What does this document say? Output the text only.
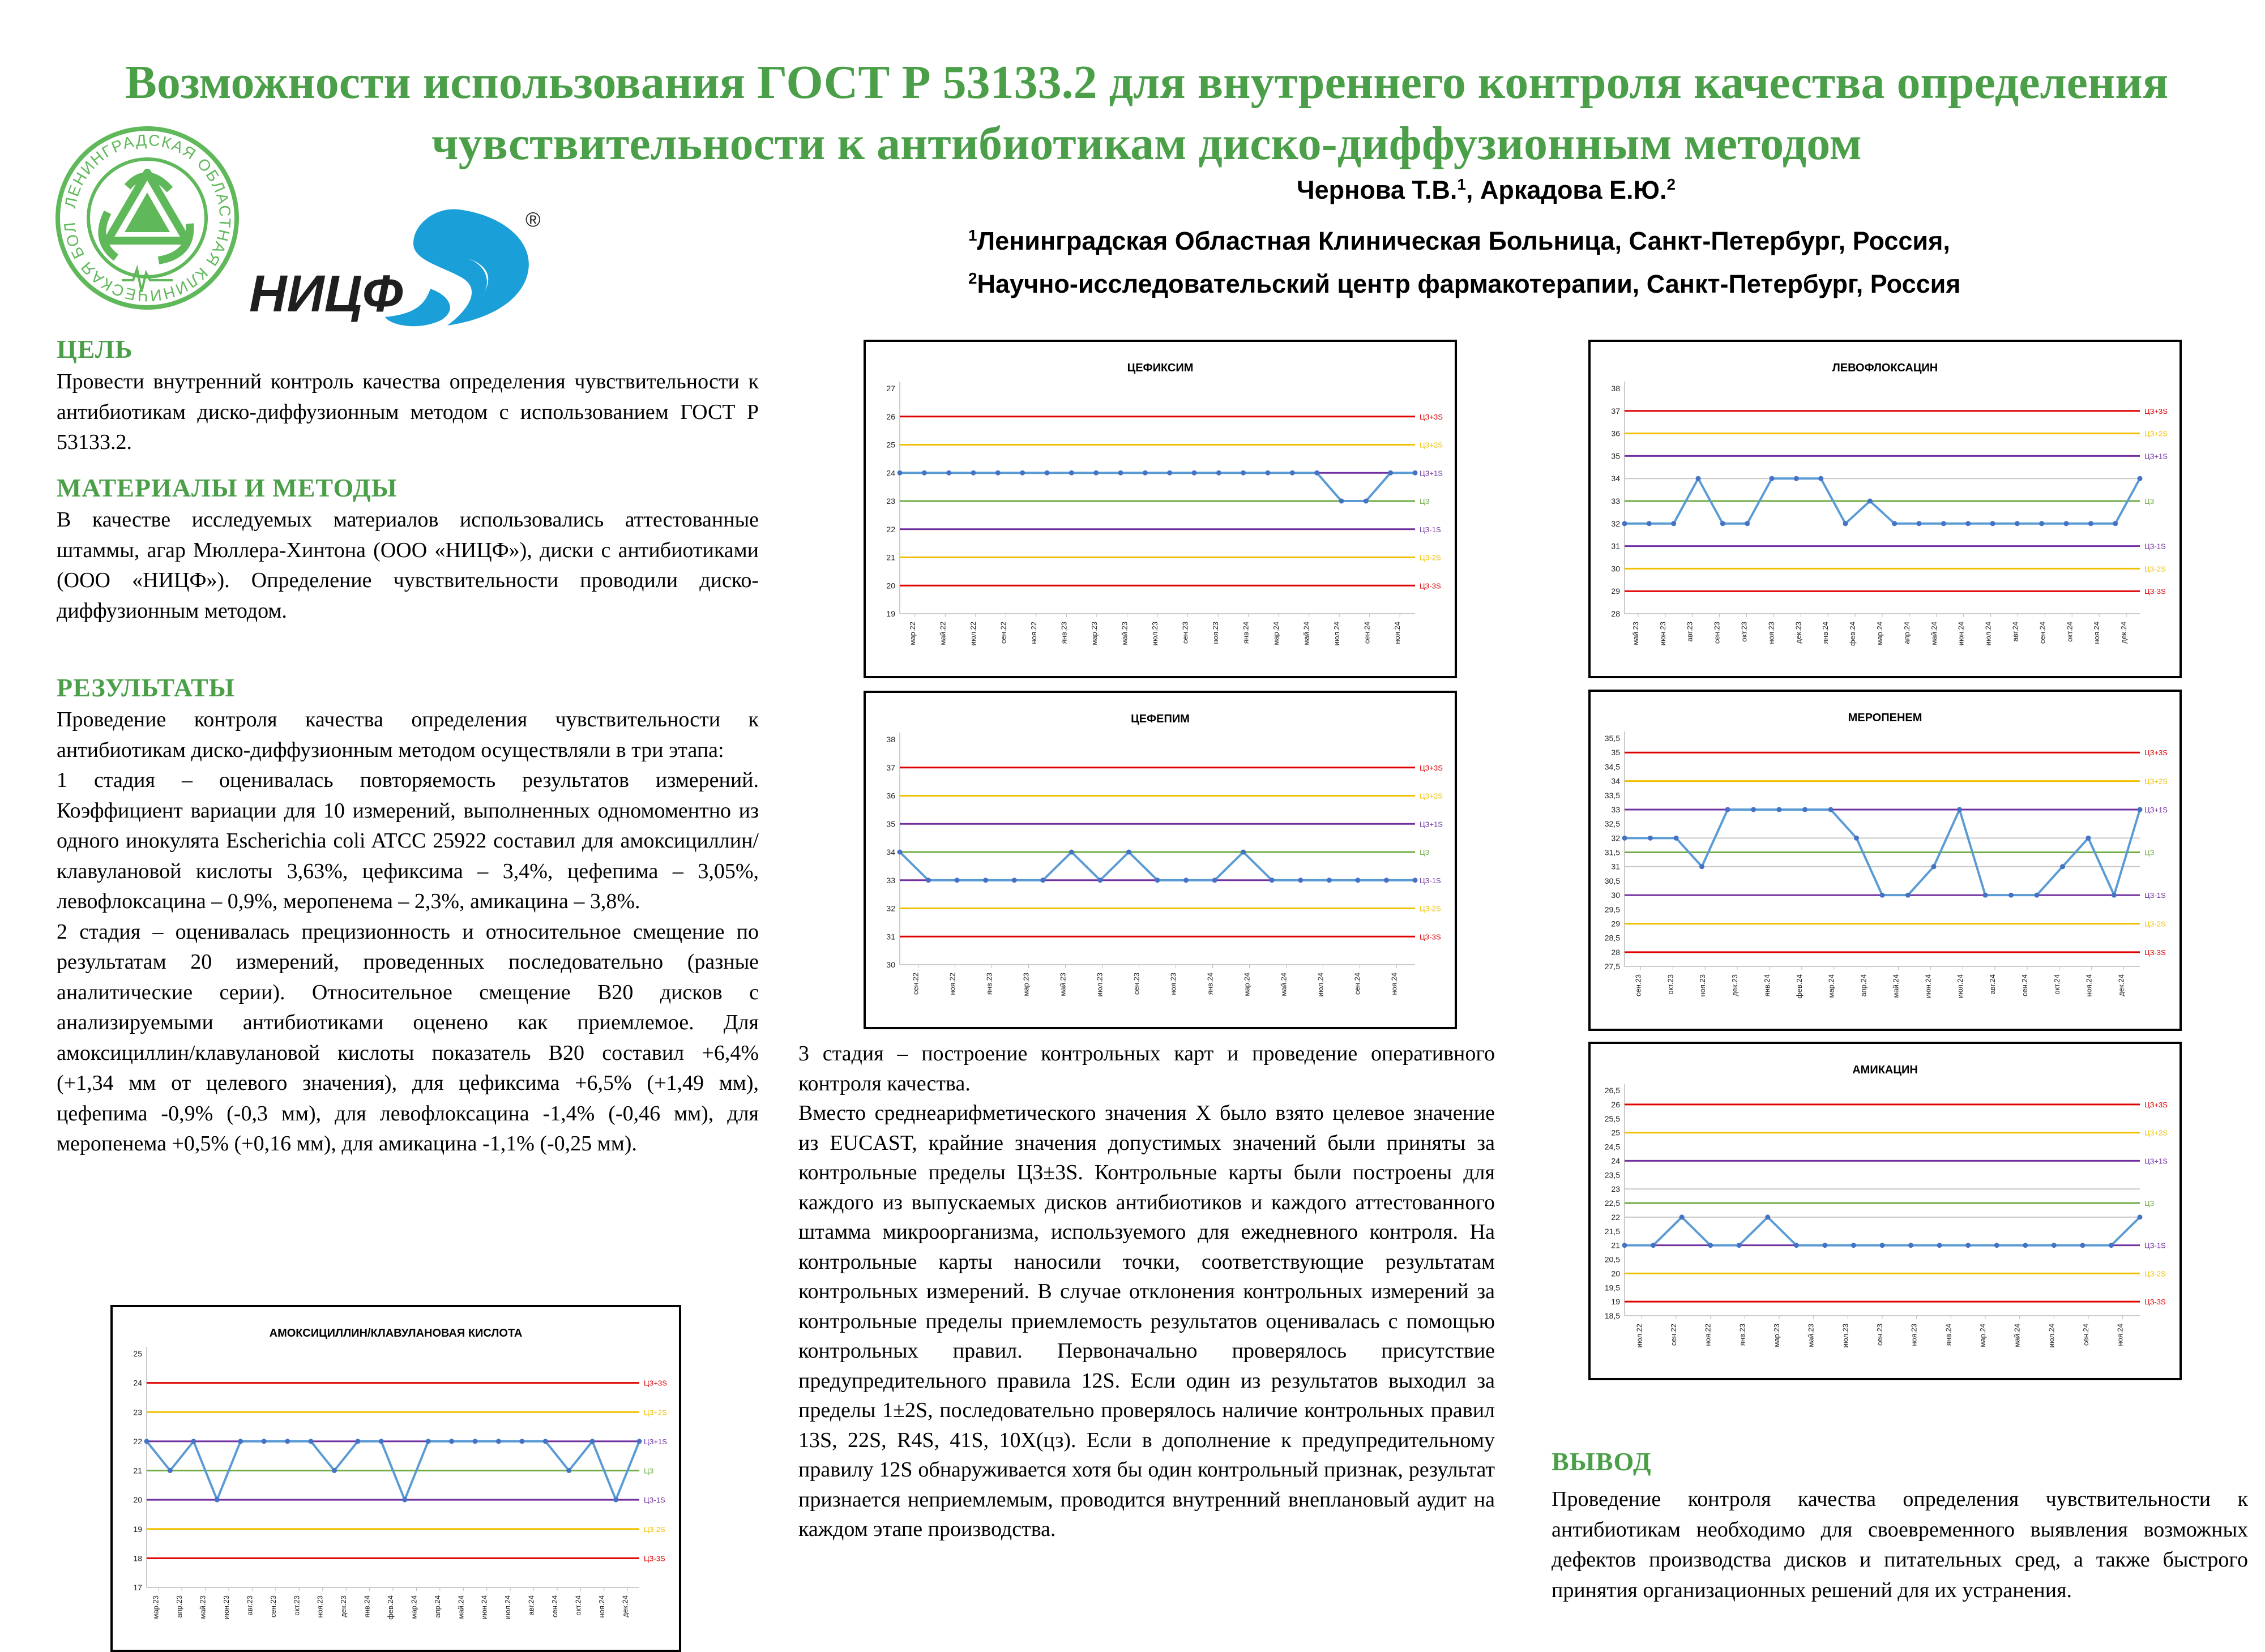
Возможности использования ГОСТ Р 53133.2 для внутреннего контроля качества определения
чувствительности к антибиотикам диско-диффузионным методом
Чернова Т.В.$^1$, Аркадова Е.Ю.$^2$
$^1$Ленинградская Областная Клиническая Больница, Санкт-Петербург, Россия,
$^2$Научно-исследовательский центр фармакотерапии, Санкт-Петербург, Россия
ЛЕНИНГРАДСКАЯ ОБЛАСТНАЯ КЛИНИЧЕСКАЯ БОЛ
НИЦФ
®
ЦЕЛЬ
Провести внутренний контроль качества определения чувствительности к антибиотикам диско-диффузионным методом с использованием ГОСТ Р 53133.2.
МАТЕРИАЛЫ И МЕТОДЫ
В качестве исследуемых материалов использовались аттестованные штаммы, агар Мюллера-Хинтона (ООО «НИЦФ»), диски с антибиотиками (ООО «НИЦФ»). Определение чувствительности проводили диско-диффузионным методом.
РЕЗУЛЬТАТЫ

Проведение контроля качества определения чувствительности к антибиотикам диско-диффузионным методом осуществляли в три этапа:

1 стадия – оценивалась повторяемость результатов измерений. Коэффициент вариации для 10 измерений, выполненных одномоментно из одного инокулята Escherichia coli ATCC 25922 составил для амоксициллин/клавулановой кислоты 3,63%, цефиксима – 3,4%, цефепима – 3,05%, левофлоксацина – 0,9%, меропенема – 2,3%, амикацина – 3,8%.

2 стадия – оценивалась прецизионность и относительное смещение по результатам 20 измерений, проведенных последовательно (разные аналитические серии). Относительное смещение B20 дисков с анализируемыми антибиотиками оценено как приемлемое. Для амоксициллин/клавулановой кислоты показатель B20 составил +6,4% (+1,34 мм от целевого значения), для цефиксима +6,5% (+1,49 мм), цефепима -0,9% (-0,3 мм), для левофлоксацина -1,4% (-0,46 мм), для меропенема +0,5% (+0,16 мм), для амикацина -1,1% (-0,25 мм).

3 стадия – построение контрольных карт и проведение оперативного контроля качества.

Вместо среднеарифметического значения X было взято целевое значение из EUCAST, крайние значения допустимых значений были приняты за контрольные пределы ЦЗ±3S. Контрольные карты были построены для каждого из выпускаемых дисков антибиотиков и каждого аттестованного штамма микроорганизма, используемого для ежедневного контроля. На контрольные карты наносили точки, соответствующие результатам контрольных измерений. В случае отклонения контрольных измерений за контрольные пределы приемлемость результатов оценивалась с помощью контрольных правил. Первоначально проверялось присутствие предупредительного правила 12S. Если один из результатов выходил за пределы 1±2S, последовательно проверялось наличие контрольных правил 13S, 22S, R4S, 41S, 10X(цз). Если в дополнение к предупредительному правилу 12S обнаруживается хотя бы один контрольный признак, результат признается неприемлемым, проводится внутренний внеплановый аудит на каждом этапе производства.

ВЫВОД
Проведение контроля качества определения чувствительности к антибиотикам необходимо для своевременного выявления возможных дефектов производства дисков и питательных сред, а также быстрого принятия организационных решений для их устранения.
ЦЕФИКСИМ
19
20
21
22
23
24
25
26
27
ЦЗ+3S
ЦЗ+2S
ЦЗ+1S
ЦЗ
ЦЗ-1S
ЦЗ-2S
ЦЗ-3S
мар.22	май.22	июл.22	сен.22	ноя.22	янв.23	мар.23	май.23	июл.23	сен.23	ноя.23	янв.24	мар.24	май.24	июл.24	сен.24	ноя.24
ЛЕВОФЛОКСАЦИН
28
29
30
31
32
33
34
35
36
37
38
ЦЗ+3S
ЦЗ+2S
ЦЗ+1S
ЦЗ
ЦЗ-1S
ЦЗ-2S
ЦЗ-3S
май.23	июн.23	авг.23	сен.23	окт.23	ноя.23	дек.23	янв.24	фев.24	мар.24	апр.24	май.24	июн.24	июл.24	авг.24	сен.24	окт.24	ноя.24	дек.24
ЦЕФЕПИМ
30
31
32
33
34
35
36
37
38
ЦЗ+3S
ЦЗ+2S
ЦЗ+1S
ЦЗ
ЦЗ-1S
ЦЗ-2S
ЦЗ-3S
сен.22	ноя.22	янв.23	мар.23	май.23	июл.23	сен.23	ноя.23	янв.24	мар.24	май.24	июл.24	сен.24	ноя.24
МЕРОПЕНЕМ
27,5
28
28,5
29
29,5
30
30,5
31
31,5
32
32,5
33
33,5
34
34,5
35
35,5
ЦЗ+3S
ЦЗ+2S
ЦЗ+1S
ЦЗ
ЦЗ-1S
ЦЗ-2S
ЦЗ-3S
сен.23	окт.23	ноя.23	дек.23	янв.24	фев.24	мар.24	апр.24	май.24	июн.24	июл.24	авг.24	сен.24	окт.24	ноя.24	дек.24
АМИКАЦИН
18,5
19
19,5
20
20,5
21
21,5
22
22,5
23
23,5
24
24,5
25
25,5
26
26,5
ЦЗ+3S
ЦЗ+2S
ЦЗ+1S
ЦЗ
ЦЗ-1S
ЦЗ-2S
ЦЗ-3S
июл.22	сен.22	ноя.22	янв.23	мар.23	май.23	июл.23	сен.23	ноя.23	янв.24	мар.24	май.24	июл.24	сен.24	ноя.24
АМОКСИЦИЛЛИН/КЛАВУЛАНОВАЯ КИСЛОТА
17
18
19
20
21
22
23
24
25
ЦЗ+3S
ЦЗ+2S
ЦЗ+1S
ЦЗ
ЦЗ-1S
ЦЗ-2S
ЦЗ-3S
мар.23 апр.23 май.23 июн.23 авг.23 сен.23 окт.23 ноя.23 дек.23 янв.24 фев.24 мар.24 апр.24 май.24 июн.24 июл.24 авг.24 сен.24 окт.24 ноя.24 дек.24
